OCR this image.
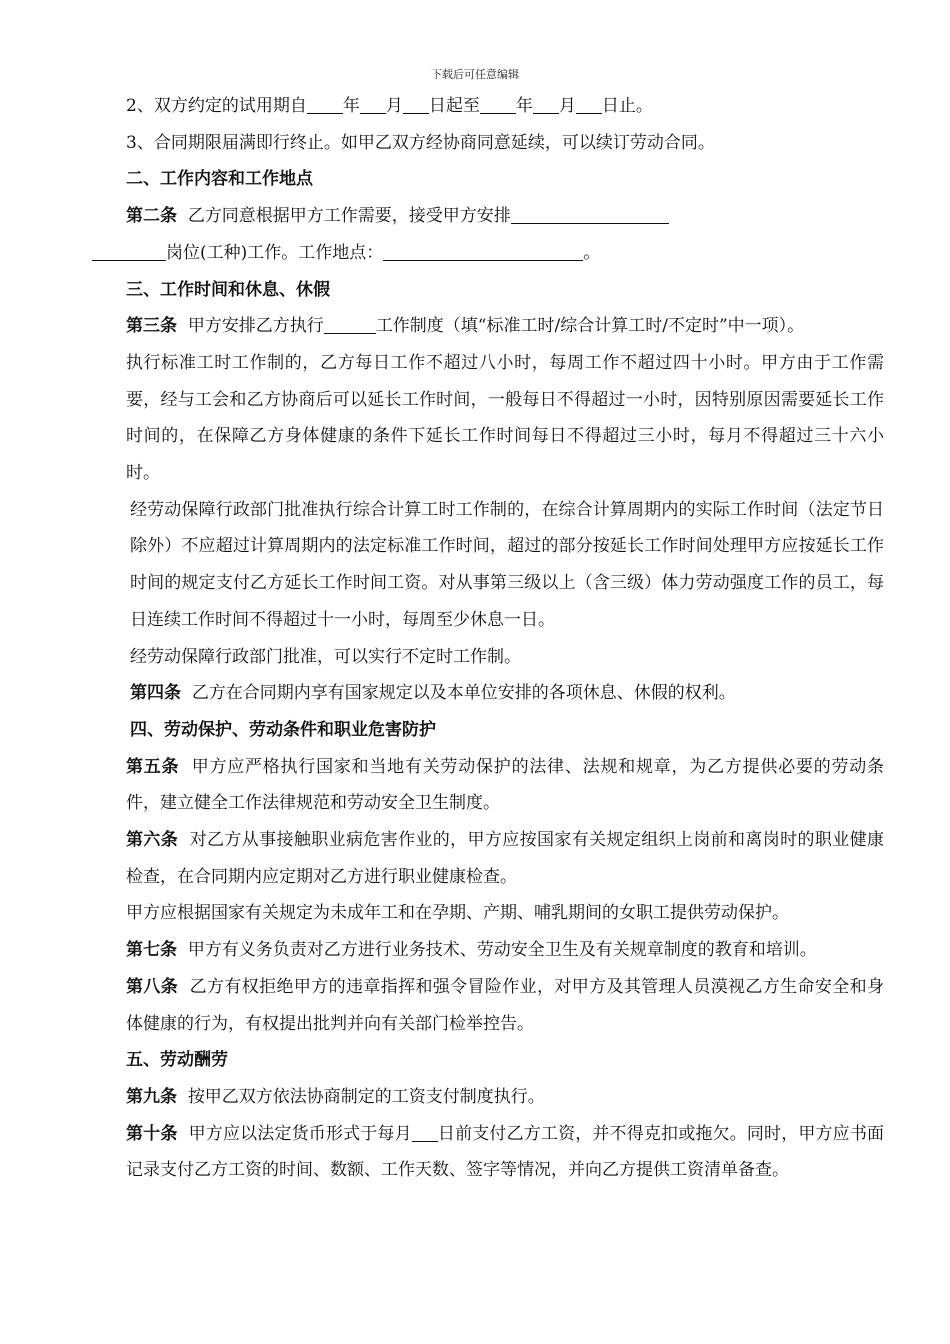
下载后可任意编辑

2、双方约定的试用期自 年 月 日起至 年 月 日止。

3、合同期限届满即行终止。如甲乙双方经协商同意延续，可以续订劳动合同。

二、工作内容和工作地点

第二条 乙方同意根据甲方工作需要，接受甲方安排

岗位(工种)工作。工作地点：	。

三、工作时间和休息、休假

第三条 甲方安排乙方执行	工作制度（填“标准工时/综合计算工时/不定时”中一项）。

执行标准工时工作制的，乙方每日工作不超过八小时，每周工作不超过四十小时。甲方由于工作需要，经与工会和乙方协商后可以延长工作时间，一般每日不得超过一小时，因特别原因需要延长工作时间的，在保障乙方身体健康的条件下延长工作时间每日不得超过三小时，每月不得超过三十六小时。

经劳动保障行政部门批准执行综合计算工时工作制的，在综合计算周期内的实际工作时间（法定节日除外）不应超过计算周期内的法定标准工作时间，超过的部分按延长工作时间处理甲方应按延长工作时间的规定支付乙方延长工作时间工资。对从事第三级以上（含三级）体力劳动强度工作的员工，每日连续工作时间不得超过十一小时，每周至少休息一日。

经劳动保障行政部门批准，可以实行不定时工作制。

第四条 乙方在合同期内享有国家规定以及本单位安排的各项休息、休假的权利。

四、劳动保护、劳动条件和职业危害防护

第五条 甲方应严格执行国家和当地有关劳动保护的法律、法规和规章，为乙方提供必要的劳动条件，建立健全工作法律规范和劳动安全卫生制度。

第六条 对乙方从事接触职业病危害作业的，甲方应按国家有关规定组织上岗前和离岗时的职业健康检查，在合同期内应定期对乙方进行职业健康检查。

甲方应根据国家有关规定为未成年工和在孕期、产期、哺乳期间的女职工提供劳动保护。

第七条 甲方有义务负责对乙方进行业务技术、劳动安全卫生及有关规章制度的教育和培训。

第八条 乙方有权拒绝甲方的违章指挥和强令冒险作业，对甲方及其管理人员漠视乙方生命安全和身体健康的行为，有权提出批判并向有关部门检举控告。

五、劳动酬劳

第九条 按甲乙双方依法协商制定的工资支付制度执行。

第十条 甲方应以法定货币形式于每月 日前支付乙方工资，并不得克扣或拖欠。同时，甲方应书面记录支付乙方工资的时间、数额、工作天数、签字等情况，并向乙方提供工资清单备查。
